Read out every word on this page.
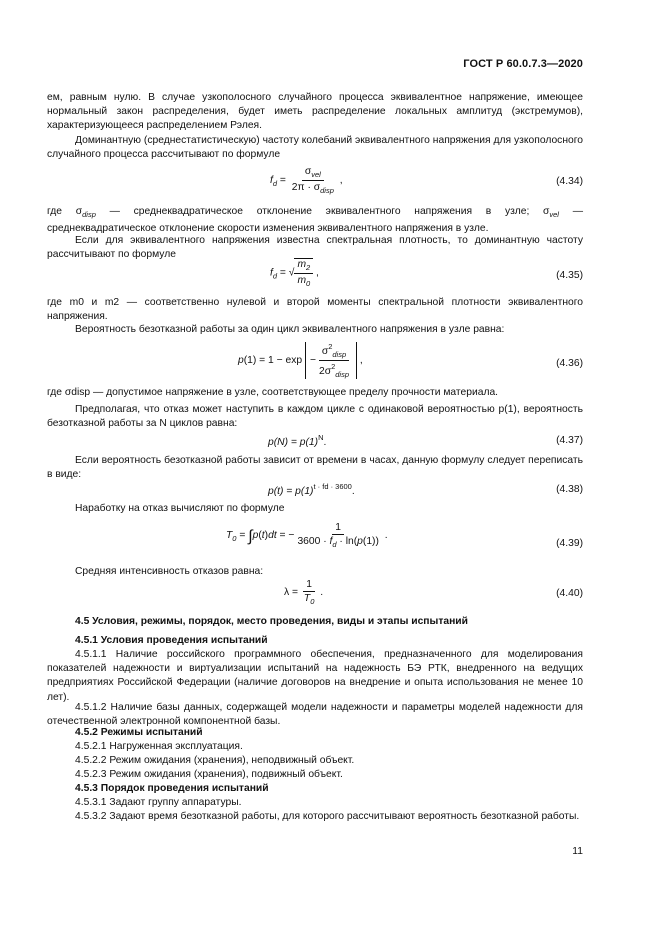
ГОСТ Р 60.0.7.3—2020
ем, равным нулю. В случае узкополосного случайного процесса эквивалентное напряжение, имеющее нормальный закон распределения, будет иметь распределение локальных амплитуд (экстремумов), характеризующееся распределением Рэлея.
Доминантную (среднестатистическую) частоту колебаний эквивалентного напряжения для узкополосного случайного процесса рассчитывают по формуле
$f_d = \frac{\sigma_{vel}}{2\pi \cdot \sigma_{disp}}$ ,	(4.34)
где $\sigma_{disp}$ — среднеквадратическое отклонение эквивалентного напряжения в узле; $\sigma_{vel}$ — среднеквадратическое отклонение скорости изменения эквивалентного напряжения в узле.
Если для эквивалентного напряжения известна спектральная плотность, то доминантную частоту рассчитывают по формуле
$f_d$ = √ $\frac{m_2}{m_0}$ ,	(4.35)
где m0 и m2 — соответственно нулевой и второй моменты спектральной плотности эквивалентного напряжения.
Вероятность безотказной работы за один цикл эквивалентного напряжения в узле равна:
$p(1) = 1 - \exp - \frac{\sigma^2_{disp}}{2\sigma^2_{disp}}$ ,	(4.36)
где σdisp — допустимое напряжение в узле, соответствующее пределу прочности материала.
Предполагая, что отказ может наступить в каждом цикле с одинаковой вероятностью p(1), вероятность безотказной работы за N циклов равна:
$p(N) = p(1)^N$.	(4.37)
Если вероятность безотказной работы зависит от времени в часах, данную формулу следует переписать в виде:
$p(t) = p(1)^{t \cdot fd \cdot 3600}$.	(4.38)
Наработку на отказ вычисляют по формуле
$T_0 = \int p(t)dt$ = − $\frac{1}{3600 \cdot f_d \cdot \ln(p(1))}$ .
(4.39)
Средняя интенсивность отказов равна:
$\lambda = \frac{1}{T_0}$ .	(4.40)
4.5 Условия, режимы, порядок, место проведения, виды и этапы испытаний
4.5.1 Условия проведения испытаний
4.5.1.1 Наличие российского программного обеспечения, предназначенного для моделирования показателей надежности и виртуализации испытаний на надежность БЭ РТК, внедренного на ведущих предприятиях Российской Федерации (наличие договоров на внедрение и опыта использования не менее 10 лет).
4.5.1.2 Наличие базы данных, содержащей модели надежности и параметры моделей надежности для отечественной электронной компонентной базы.
4.5.2 Режимы испытаний
4.5.2.1 Нагруженная эксплуатация.
4.5.2.2 Режим ожидания (хранения), неподвижный объект.
4.5.2.3 Режим ожидания (хранения), подвижный объект.
4.5.3 Порядок проведения испытаний
4.5.3.1 Задают группу аппаратуры.
4.5.3.2 Задают время безотказной работы, для которого рассчитывают вероятность безотказной работы.
11
